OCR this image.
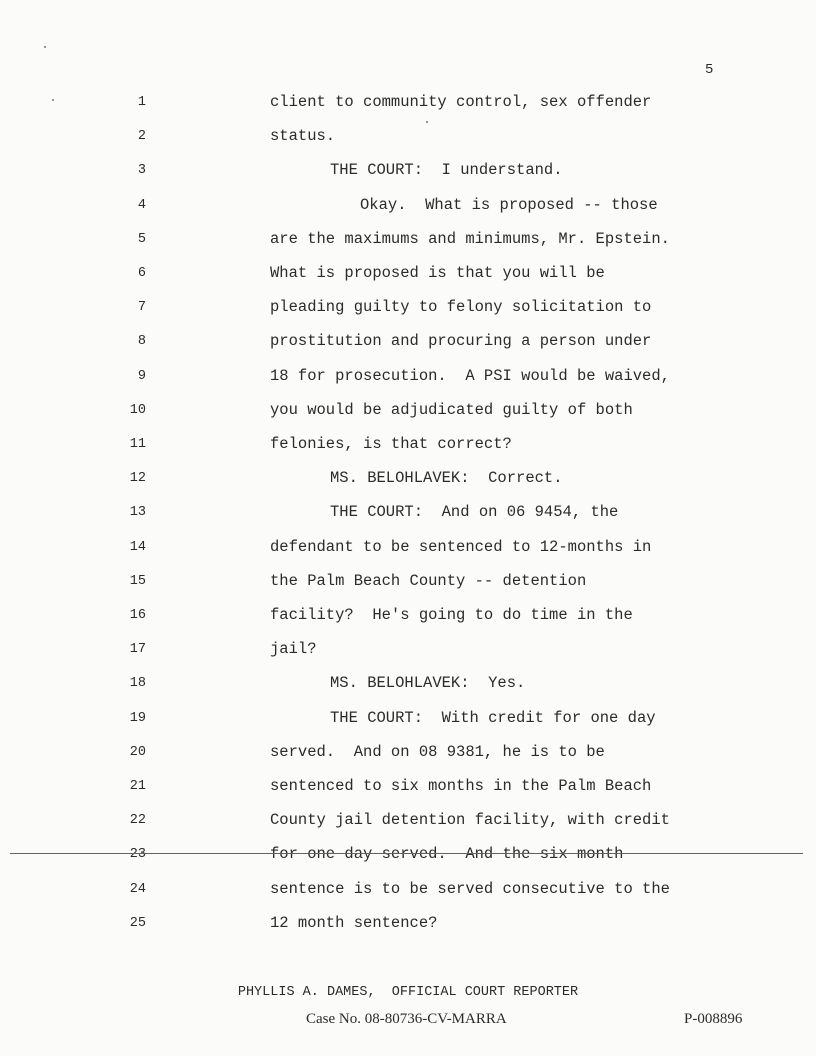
5
1	client to community control, sex offender
2	status.
3	THE COURT:  I understand.
4	Okay.  What is proposed -- those
5	are the maximums and minimums, Mr. Epstein.
6	What is proposed is that you will be
7	pleading guilty to felony solicitation to
8	prostitution and procuring a person under
9	18 for prosecution.  A PSI would be waived,
10	you would be adjudicated guilty of both
11	felonies, is that correct?
12	MS. BELOHLAVEK:  Correct.
13	THE COURT:  And on 06 9454, the
14	defendant to be sentenced to 12-months in
15	the Palm Beach County -- detention
16	facility?  He's going to do time in the
17	jail?
18	MS. BELOHLAVEK:  Yes.
19	THE COURT:  With credit for one day
20	served.  And on 08 9381, he is to be
21	sentenced to six months in the Palm Beach
22	County jail detention facility, with credit
23	for one day served.  And the six month
24	sentence is to be served consecutive to the
25	12 month sentence?
PHYLLIS A. DAMES,  OFFICIAL COURT REPORTER
Case No. 08-80736-CV-MARRA	P-008896
